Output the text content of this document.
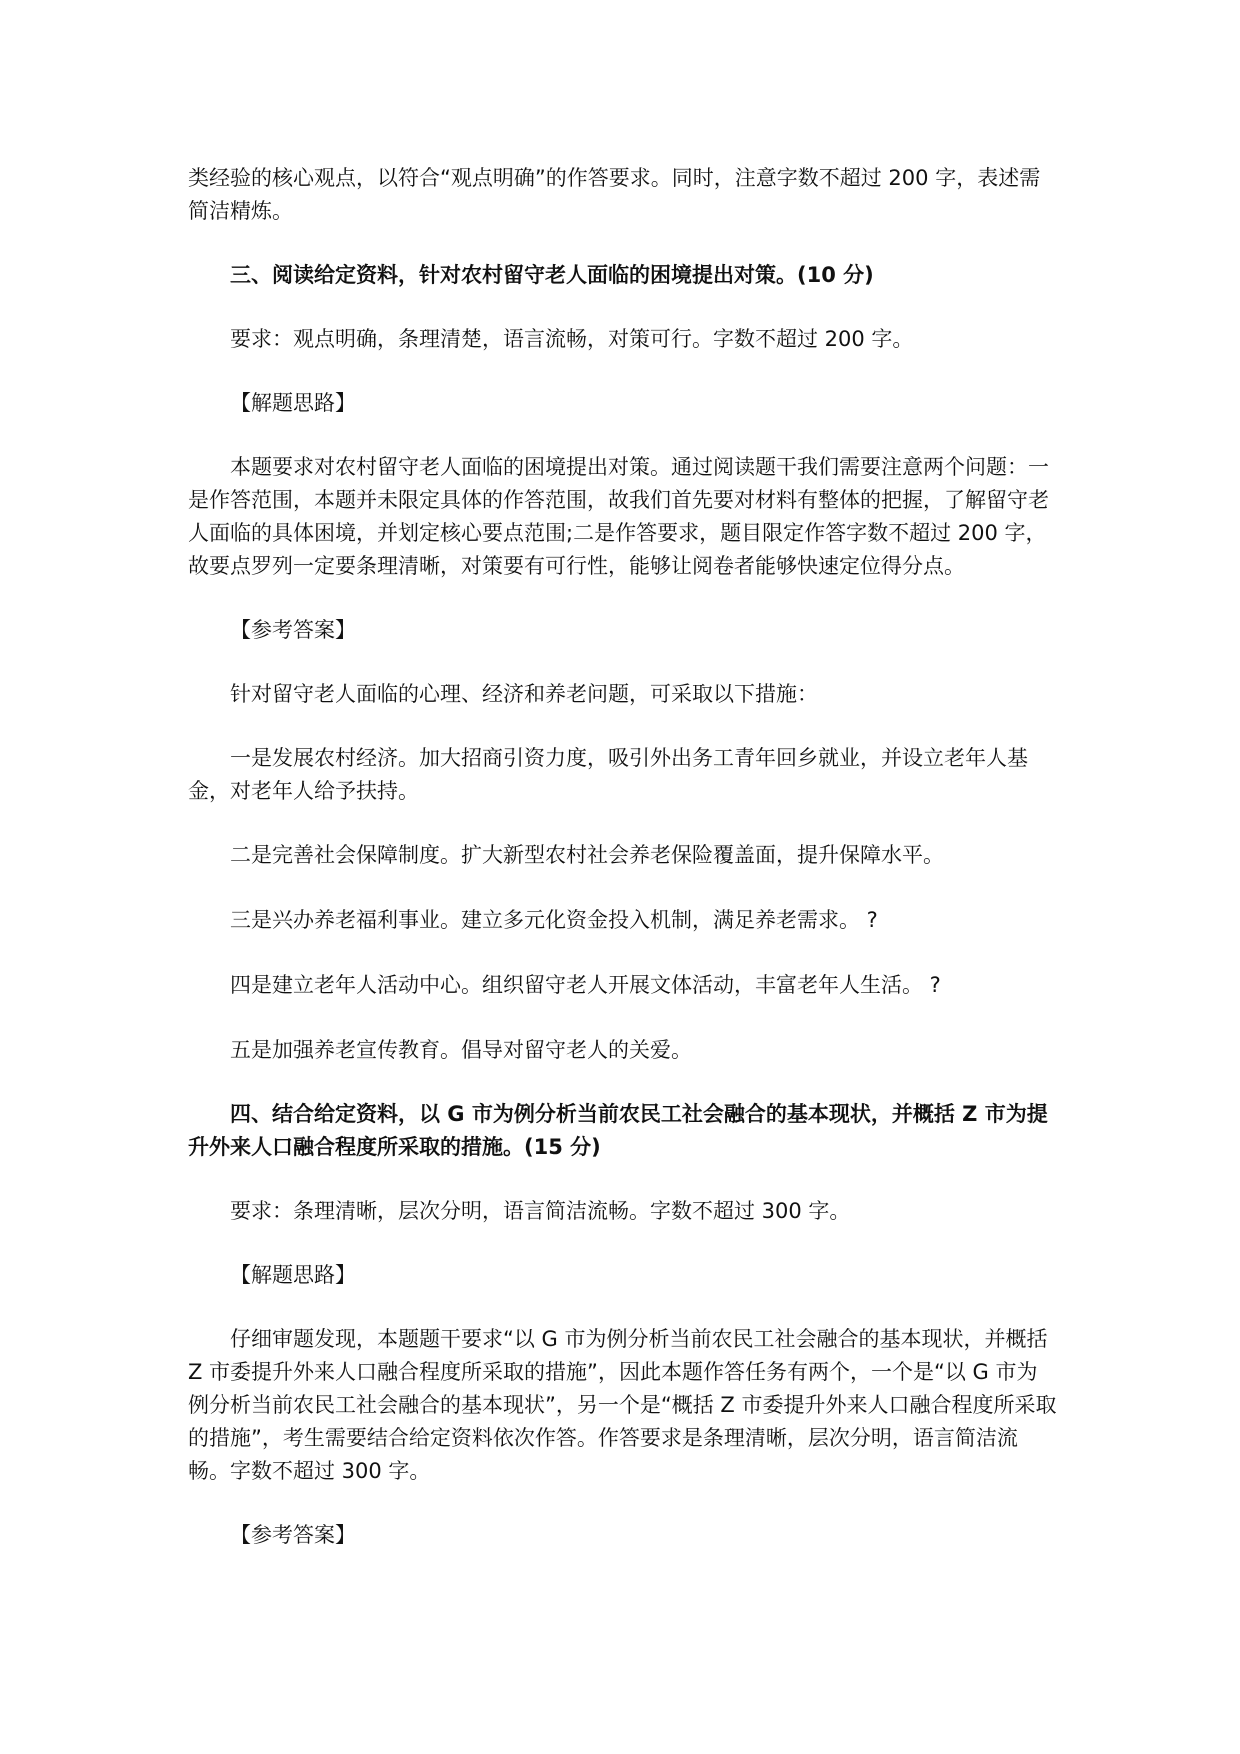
类经验的核心观点，以符合“观点明确”的作答要求。同时，注意字数不超过 200 字，表述需简洁精炼。

三、阅读给定资料，针对农村留守老人面临的困境提出对策。(10 分)

要求：观点明确，条理清楚，语言流畅，对策可行。字数不超过 200 字。

【解题思路】

本题要求对农村留守老人面临的困境提出对策。通过阅读题干我们需要注意两个问题：一是作答范围，本题并未限定具体的作答范围，故我们首先要对材料有整体的把握，了解留守老人面临的具体困境，并划定核心要点范围;二是作答要求，题目限定作答字数不超过 200 字，故要点罗列一定要条理清晰，对策要有可行性，能够让阅卷者能够快速定位得分点。

【参考答案】

针对留守老人面临的心理、经济和养老问题，可采取以下措施：

一是发展农村经济。加大招商引资力度，吸引外出务工青年回乡就业，并设立老年人基金，对老年人给予扶持。

二是完善社会保障制度。扩大新型农村社会养老保险覆盖面，提升保障水平。

三是兴办养老福利事业。建立多元化资金投入机制，满足养老需求。 ?

四是建立老年人活动中心。组织留守老人开展文体活动，丰富老年人生活。 ?

五是加强养老宣传教育。倡导对留守老人的关爱。

四、结合给定资料，以 G 市为例分析当前农民工社会融合的基本现状，并概括 Z 市为提升外来人口融合程度所采取的措施。(15 分)

要求：条理清晰，层次分明，语言简洁流畅。字数不超过 300 字。

【解题思路】

仔细审题发现，本题题干要求“以 G 市为例分析当前农民工社会融合的基本现状，并概括 Z 市委提升外来人口融合程度所采取的措施”，因此本题作答任务有两个，一个是“以 G 市为例分析当前农民工社会融合的基本现状”，另一个是“概括 Z 市委提升外来人口融合程度所采取的措施”，考生需要结合给定资料依次作答。作答要求是条理清晰，层次分明，语言简洁流畅。字数不超过 300 字。

【参考答案】
